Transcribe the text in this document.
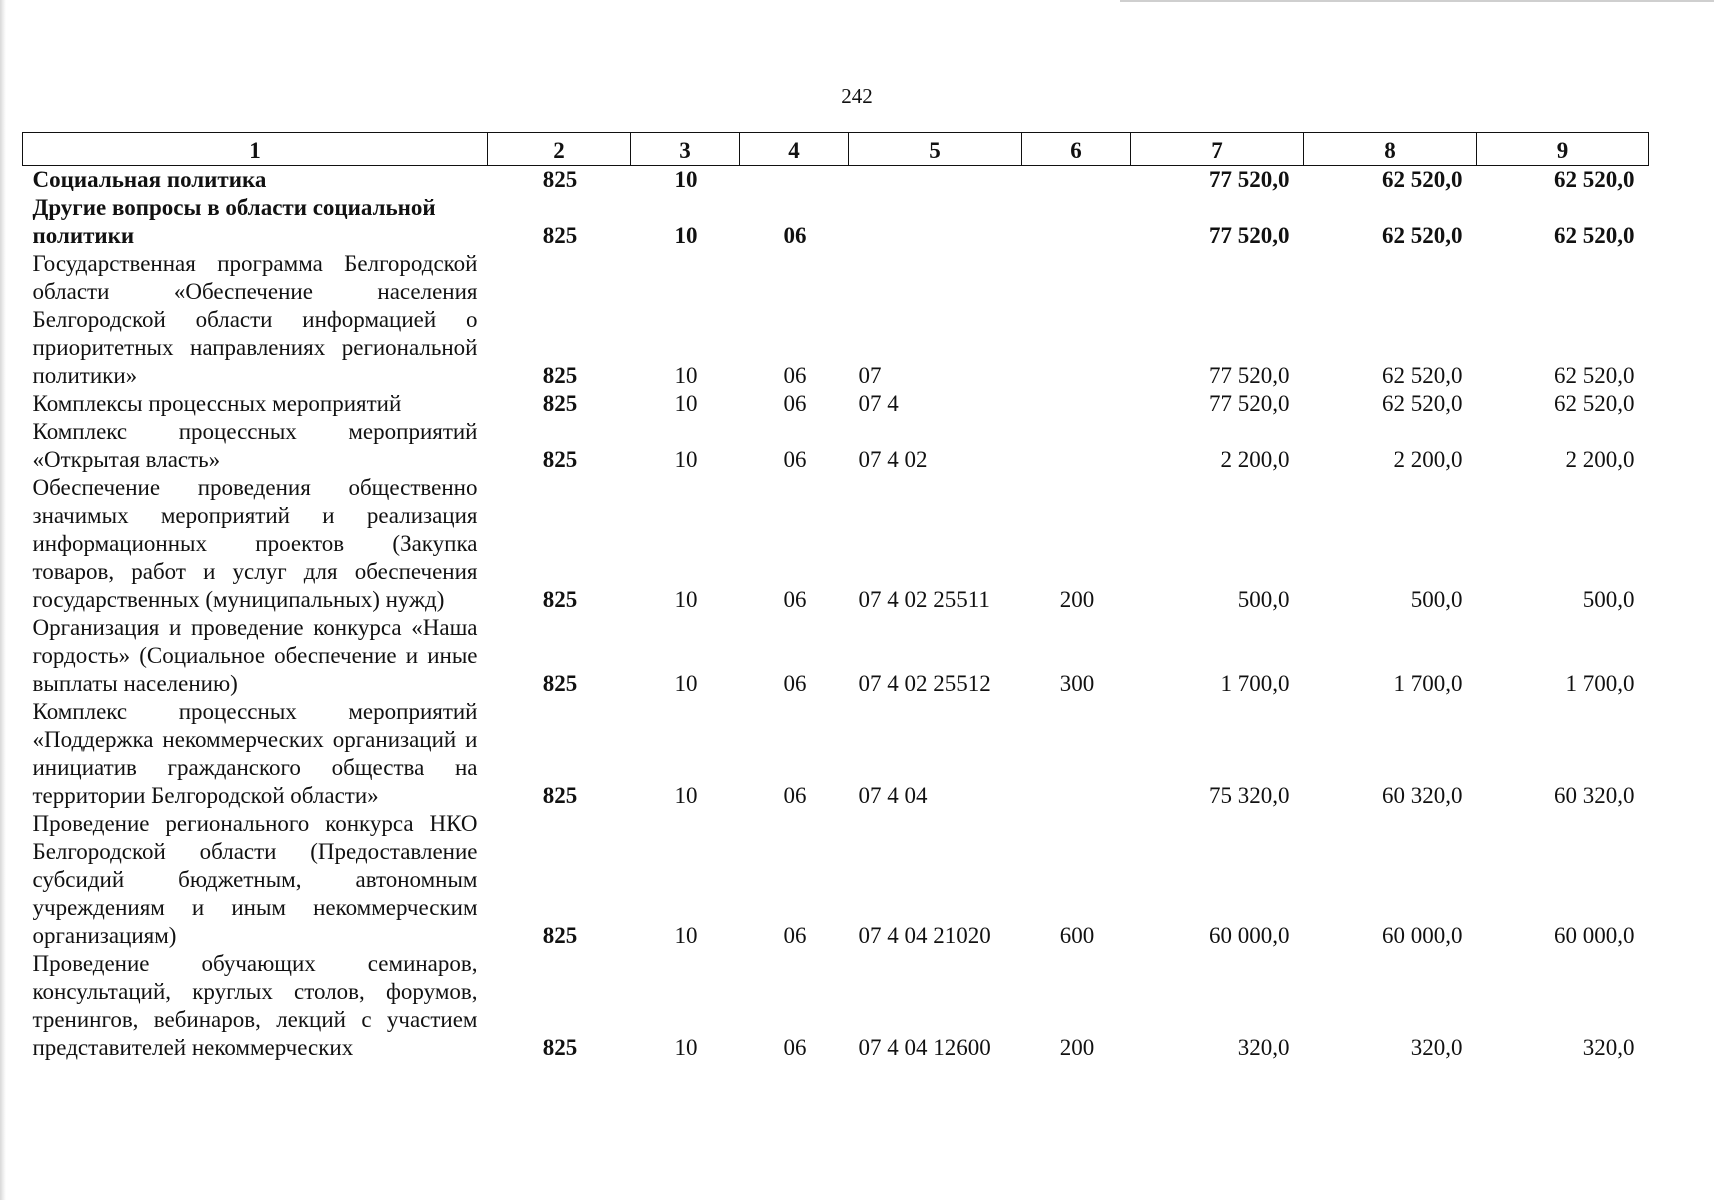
242
1	2	3	4	5	6	7	8	9
Социальная политика	825	10				77 520,0	62 520,0	62 520,0
Другие вопросы в области социальной политики	825	10	06			77 520,0	62 520,0	62 520,0
Государственная программа Белгородской области «Обеспечение населения Белгородской области информацией о приоритетных направлениях региональной политики»	825	10	06	07		77 520,0	62 520,0	62 520,0
Комплексы процессных мероприятий	825	10	06	07 4		77 520,0	62 520,0	62 520,0
Комплекс процессных мероприятий «Открытая власть»	825	10	06	07 4 02		2 200,0	2 200,0	2 200,0
Обеспечение проведения общественно значимых мероприятий и реализация информационных проектов (Закупка товаров, работ и услуг для обеспечения государственных (муниципальных) нужд)	825	10	06	07 4 02 25511	200	500,0	500,0	500,0
Организация и проведение конкурса «Наша гордость» (Социальное обеспечение и иные выплаты населению)	825	10	06	07 4 02 25512	300	1 700,0	1 700,0	1 700,0
Комплекс процессных мероприятий «Поддержка некоммерческих организаций и инициатив гражданского общества на территории Белгородской области»	825	10	06	07 4 04		75 320,0	60 320,0	60 320,0
Проведение регионального конкурса НКО Белгородской области (Предоставление субсидий бюджетным, автономным учреждениям и иным некоммерческим организациям)	825	10	06	07 4 04 21020	600	60 000,0	60 000,0	60 000,0
Проведение обучающих семинаров, консультаций, круглых столов, форумов, тренингов, вебинаров, лекций с участием представителей некоммерческих	825	10	06	07 4 04 12600	200	320,0	320,0	320,0
